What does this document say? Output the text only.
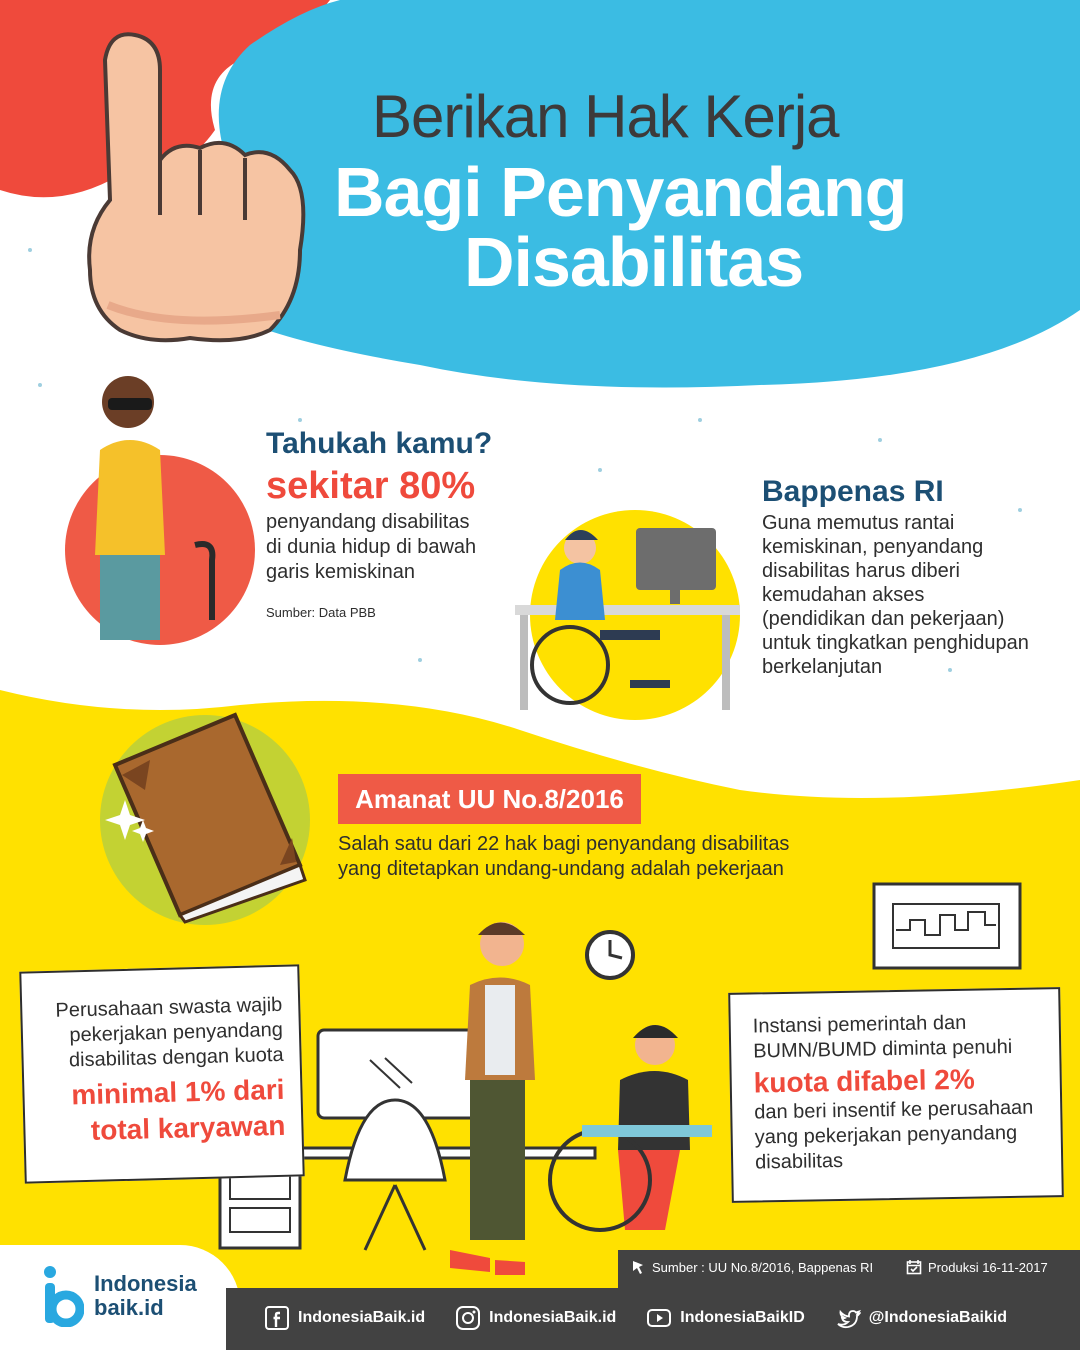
Berikan Hak Kerja
Bagi Penyandang
Disabilitas
Tahukah kamu?
sekitar 80%
penyandang disabilitas
di dunia hidup di bawah
garis kemiskinan
Sumber: Data PBB
Bappenas RI
Guna memutus rantai
kemiskinan, penyandang
disabilitas harus diberi
kemudahan akses
(pendidikan dan pekerjaan)
untuk tingkatkan penghidupan
berkelanjutan
Amanat UU No.8/2016
Salah satu dari 22 hak bagi penyandang disabilitas
yang ditetapkan undang-undang adalah pekerjaan
Perusahaan swasta wajib
pekerjakan penyandang
disabilitas dengan kuota
minimal 1% dari
total karyawan
Instansi pemerintah dan
BUMN/BUMD diminta penuhi
kuota difabel 2%
dan beri insentif ke perusahaan
yang pekerjakan penyandang
disabilitas
Indonesia
baik.id
Sumber : UU No.8/2016, Bappenas RI	Produksi 16-11-2017
IndonesiaBaik.id	IndonesiaBaik.id	IndonesiaBaikID	@IndonesiaBaikid
